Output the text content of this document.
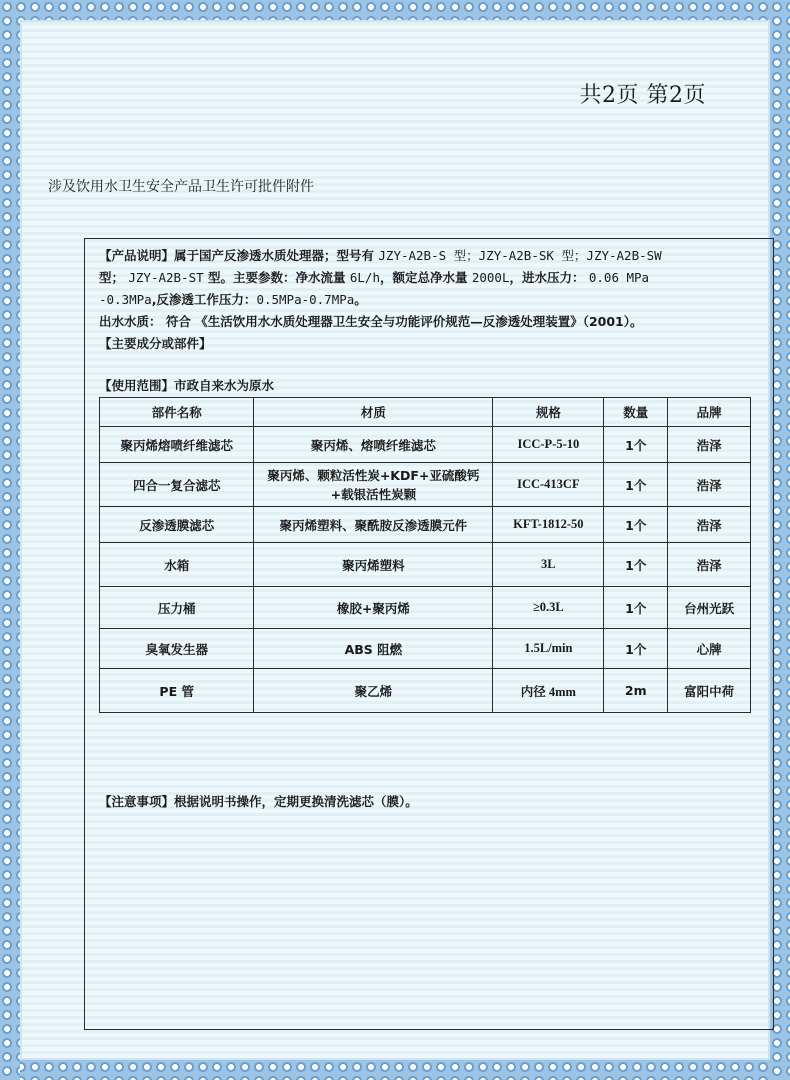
共2页 第2页
涉及饮用水卫生安全产品卫生许可批件附件

【产品说明】属于国产反渗透水质处理器；型号有 JZY-A2B-S 型；JZY-A2B-SK 型；JZY-A2B-SW
型； JZY-A2B-ST 型。主要参数：净水流量 6L/h，额定总净水量 2000L，进水压力： 0.06 MPa
-0.3MPa,反渗透工作压力：0.5MPa-0.7MPa。

出水水质： 符合 《生活饮用水水质处理器卫生安全与功能评价规范—反渗透处理装置》（2001）。

【主要成分或部件】

【使用范围】市政自来水为原水

部件名称	材质	规格	数量	品牌
聚丙烯熔喷纤维滤芯	聚丙烯、熔喷纤维滤芯	ICC-P-5-10	1个	浩泽
四合一复合滤芯	聚丙烯、颗粒活性炭+KDF+亚硫酸钙+载银活性炭颗	ICC-413CF	1个	浩泽
反渗透膜滤芯	聚丙烯塑料、聚酰胺反渗透膜元件	KFT-1812-50	1个	浩泽
水箱	聚丙烯塑料	3L	1个	浩泽
压力桶	橡胶+聚丙烯	≥0.3L	1个	台州光跃
臭氧发生器	ABS 阻燃	1.5L/min	1个	心牌
PE 管	聚乙烯	内径 4mm	2m	富阳中荷

【注意事项】根据说明书操作，定期更换清洗滤芯（膜）。
